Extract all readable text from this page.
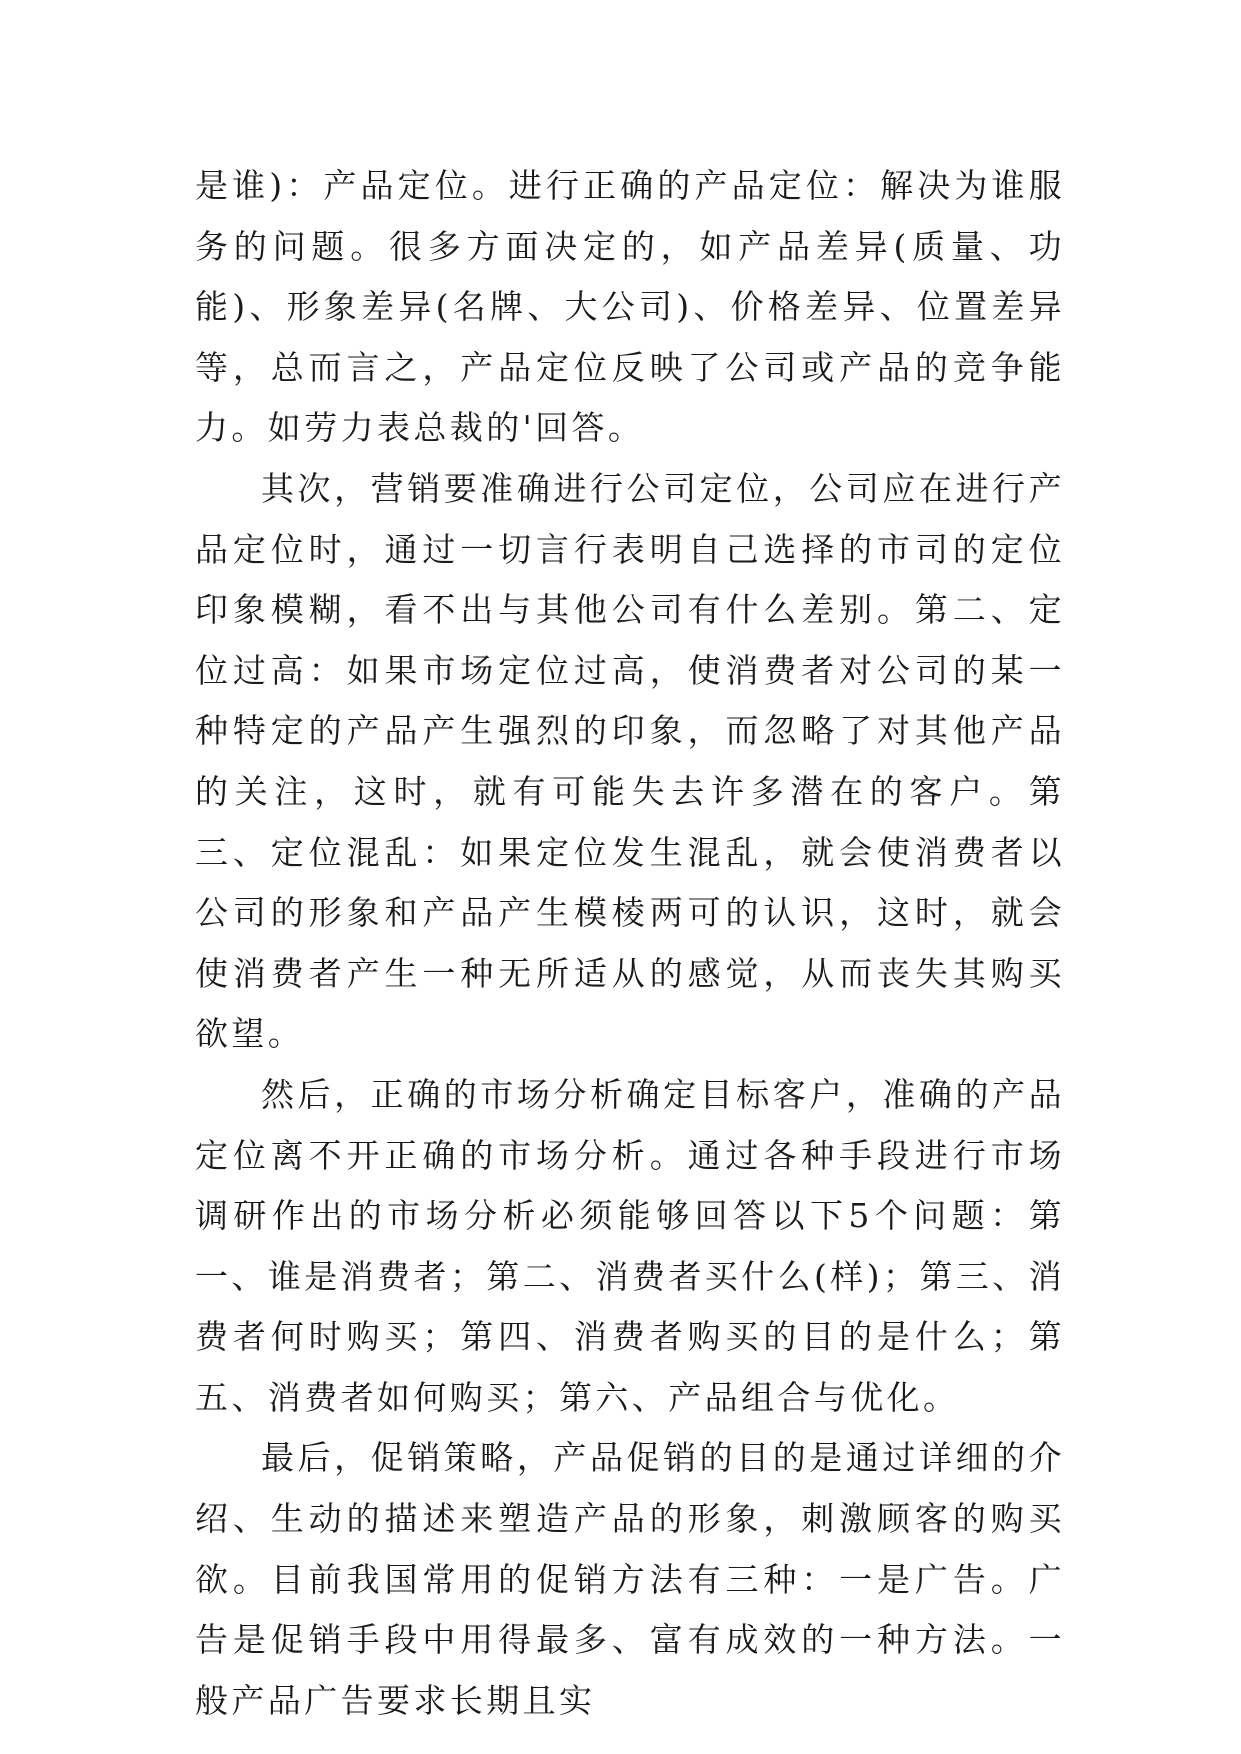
是谁)：产品定位。进行正确的产品定位：解决为谁服务的问题。很多方面决定的，如产品差异(质量、功能)、形象差异(名牌、大公司)、价格差异、位置差异等，总而言之，产品定位反映了公司或产品的竞争能力。如劳力表总裁的'回答。

其次，营销要准确进行公司定位，公司应在进行产品定位时，通过一切言行表明自己选择的市司的定位印象模糊，看不出与其他公司有什么差别。第二、定位过高：如果市场定位过高，使消费者对公司的某一种特定的产品产生强烈的印象，而忽略了对其他产品的关注，这时，就有可能失去许多潜在的客户。第三、定位混乱：如果定位发生混乱，就会使消费者以公司的形象和产品产生模棱两可的认识，这时，就会使消费者产生一种无所适从的感觉，从而丧失其购买欲望。

然后，正确的市场分析确定目标客户，准确的产品定位离不开正确的市场分析。通过各种手段进行市场调研作出的市场分析必须能够回答以下5个问题：第一、谁是消费者；第二、消费者买什么(样)；第三、消费者何时购买；第四、消费者购买的目的是什么；第五、消费者如何购买；第六、产品组合与优化。

最后，促销策略，产品促销的目的是通过详细的介绍、生动的描述来塑造产品的形象，刺激顾客的购买欲。目前我国常用的促销方法有三种：一是广告。广告是促销手段中用得最多、富有成效的一种方法。一般产品广告要求长期且实
